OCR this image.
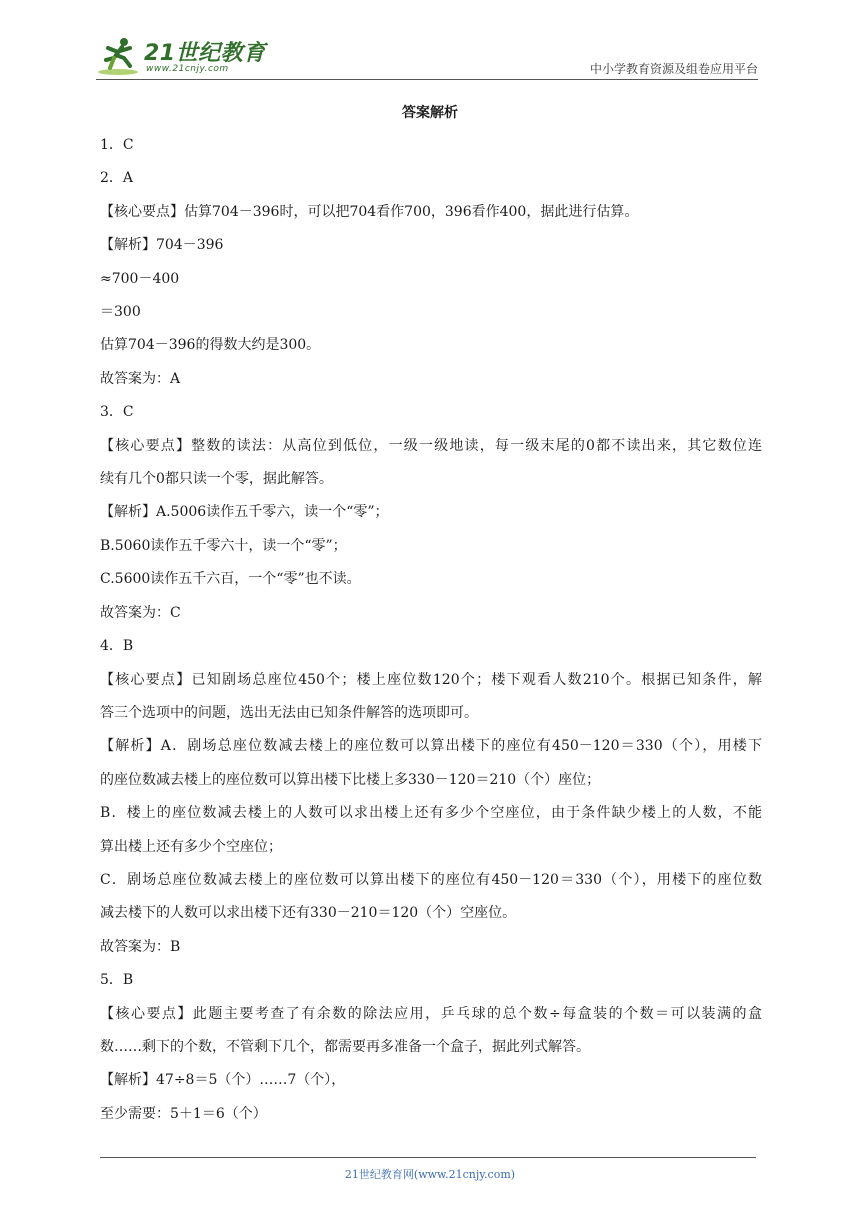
21世纪教育
www.21cnjy.com	中小学教育资源及组卷应用平台
答案解析

1．C

2．A

【核心要点】估算704－396时，可以把704看作700，396看作400，据此进行估算。

【解析】704－396

≈700－400

＝300

估算704－396的得数大约是300。

故答案为：A

3．C

【核心要点】整数的读法：从高位到低位，一级一级地读，每一级末尾的0都不读出来，其它数位连

续有几个0都只读一个零，据此解答。

【解析】A.5006读作五千零六，读一个“零”；

B.5060读作五千零六十，读一个“零”；

C.5600读作五千六百，一个“零”也不读。

故答案为：C

4．B

【核心要点】已知剧场总座位450个；楼上座位数120个；楼下观看人数210个。根据已知条件，解

答三个选项中的问题，选出无法由已知条件解答的选项即可。

【解析】A．剧场总座位数减去楼上的座位数可以算出楼下的座位有450－120＝330（个），用楼下

的座位数减去楼上的座位数可以算出楼下比楼上多330－120＝210（个）座位；

B．楼上的座位数减去楼上的人数可以求出楼上还有多少个空座位，由于条件缺少楼上的人数，不能

算出楼上还有多少个空座位；

C．剧场总座位数减去楼上的座位数可以算出楼下的座位有450－120＝330（个），用楼下的座位数

减去楼下的人数可以求出楼下还有330－210＝120（个）空座位。

故答案为：B

5．B

【核心要点】此题主要考查了有余数的除法应用，乒乓球的总个数÷每盒装的个数＝可以装满的盒

数……剩下的个数，不管剩下几个，都需要再多准备一个盒子，据此列式解答。

【解析】47÷8＝5（个）……7（个），

至少需要：5＋1＝6（个）

21世纪教育网(www.21cnjy.com)
